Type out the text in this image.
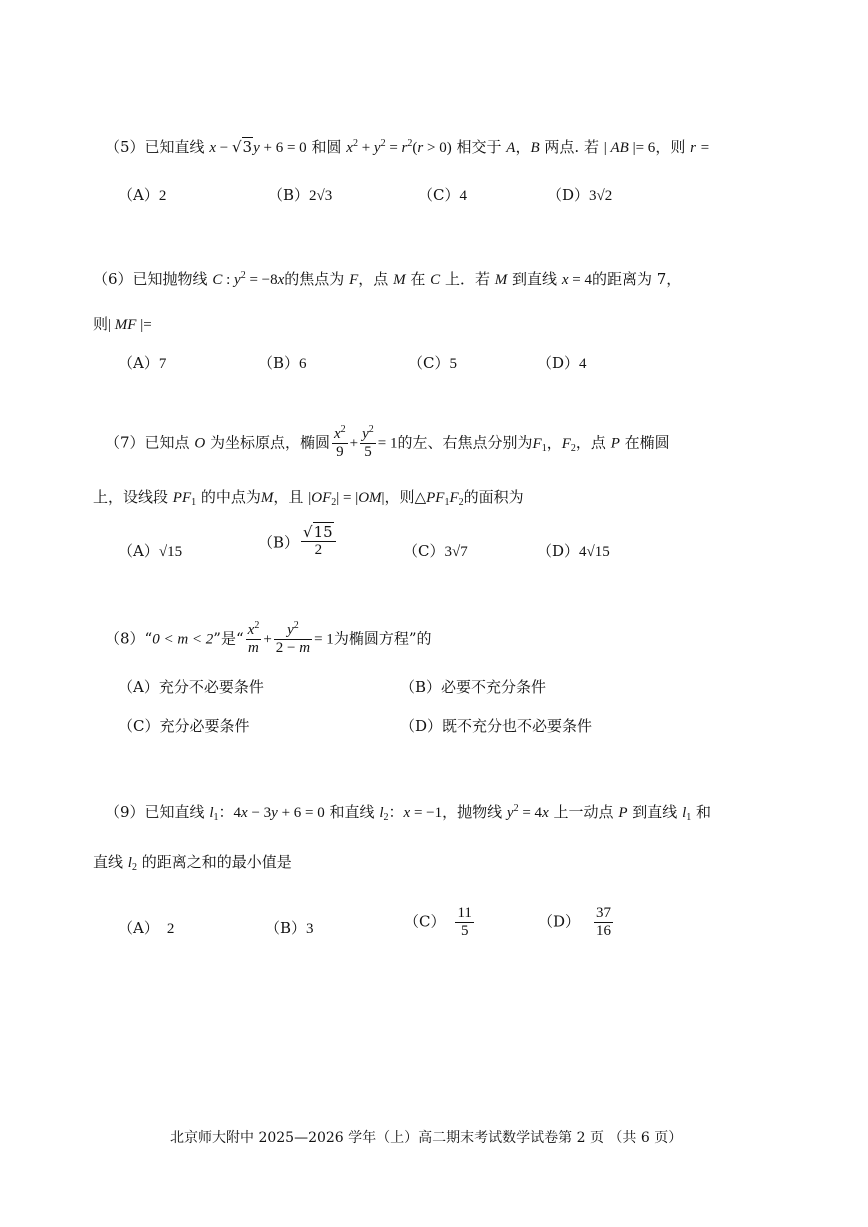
（5）已知直线 x − √3y + 6 = 0 和圆 $x^2 + y^2 = r^2(r > 0)$ 相交于 A，B 两点. 若 | AB |= 6，则 r =
（A）2	（B）2√3	（C）4	（D）3√2
（6）已知抛物线 C : $y^2 = -8x$的焦点为 F，点 M 在 C 上．若 M 到直线 x = 4的距离为 7，
则| MF |=
（A）7	（B）6	（C）5	（D）4
（7）已知点 O 为坐标原点，椭圆 $\frac{x^2}{9} + \frac{y^2}{5} = 1$的左、右焦点分别为$F_1$，$F_2$，点 P 在椭圆
上，设线段 $PF_1$ 的中点为M，且 $|OF_2| = |OM|$，则$\triangle PF_1F_2$的面积为
（A）√15
$(B) \frac{√15}{2}$	（C）3√7	（D）4√15
（8）“0 < m < 2”是“ $\frac{x^2}{m} + \frac{y^2}{2 - m} = 1$为椭圆方程”的
（A）充分不必要条件	（B）必要不充分条件
（C）充分必要条件	（D）既不充分也不必要条件
（9）已知直线 $l_1$：4x − 3y + 6 = 0 和直线 $l_2$：x = −1，抛物线 $y^2 = 4x$ 上一动点 P 到直线 $l_1$ 和
直线 $l_2$ 的距离之和的最小值是
（A） 2	（B）3	$(C) \frac{11}{5}$	$(D) \frac{37}{16}$
北京师大附中 2025—2026 学年（上）高二期末考试数学试卷第 2 页 （共 6 页）
